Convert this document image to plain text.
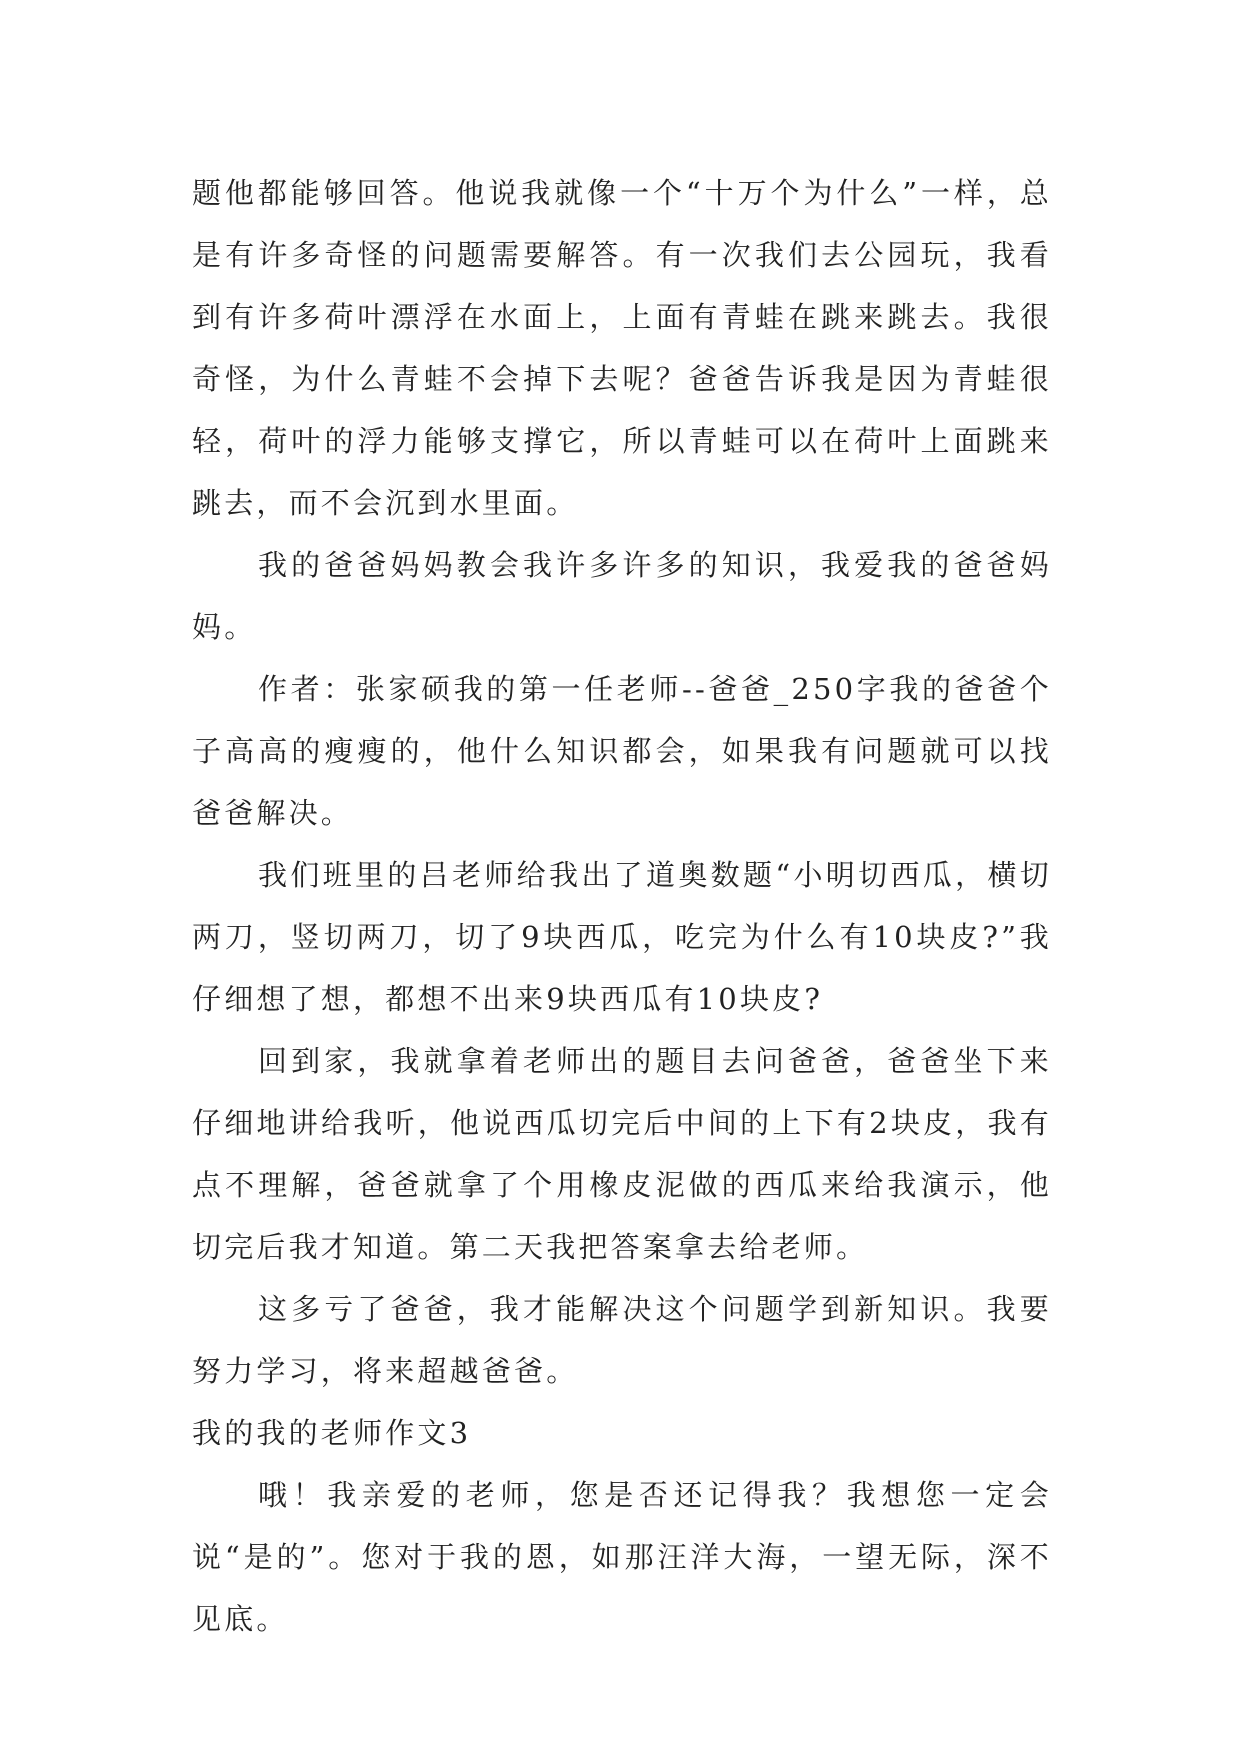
题他都能够回答。他说我就像一个“十万个为什么”一样，总是有许多奇怪的问题需要解答。有一次我们去公园玩，我看到有许多荷叶漂浮在水面上，上面有青蛙在跳来跳去。我很奇怪，为什么青蛙不会掉下去呢？爸爸告诉我是因为青蛙很轻，荷叶的浮力能够支撑它，所以青蛙可以在荷叶上面跳来跳去，而不会沉到水里面。

我的爸爸妈妈教会我许多许多的知识，我爱我的爸爸妈妈。

作者：张家硕我的第一任老师--爸爸_250字我的爸爸个子高高的瘦瘦的，他什么知识都会，如果我有问题就可以找爸爸解决。

我们班里的吕老师给我出了道奥数题“小明切西瓜，横切两刀，竖切两刀，切了9块西瓜，吃完为什么有10块皮?”我仔细想了想，都想不出来9块西瓜有10块皮?

回到家，我就拿着老师出的题目去问爸爸，爸爸坐下来仔细地讲给我听，他说西瓜切完后中间的上下有2块皮，我有点不理解，爸爸就拿了个用橡皮泥做的西瓜来给我演示，他切完后我才知道。第二天我把答案拿去给老师。

这多亏了爸爸，我才能解决这个问题学到新知识。我要努力学习，将来超越爸爸。

我的我的老师作文3

哦！我亲爱的老师，您是否还记得我？我想您一定会说“是的”。您对于我的恩，如那汪洋大海，一望无际，深不见底。
